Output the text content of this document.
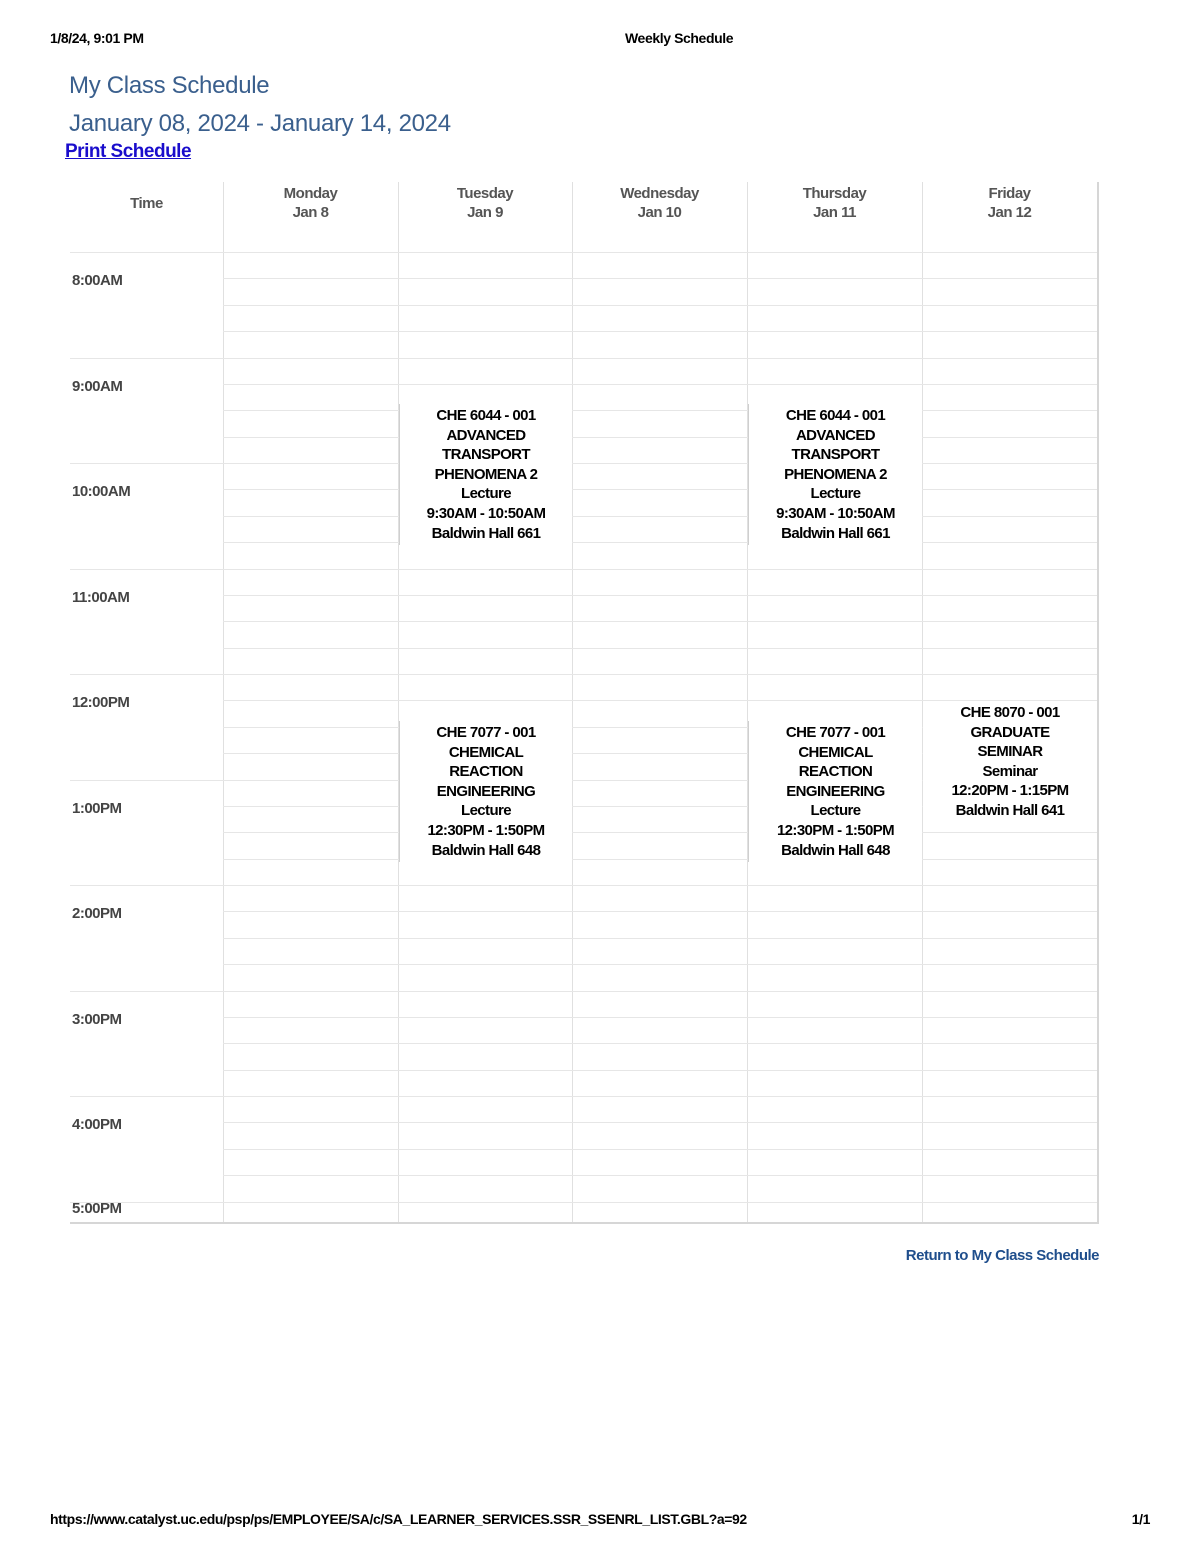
1/8/24, 9:01 PM	Weekly Schedule
My Class Schedule
January 08, 2024 - January 14, 2024
Print Schedule
Time
Monday
Jan 8
Tuesday
Jan 9
Wednesday
Jan 10
Thursday
Jan 11
Friday
Jan 12
8:00AM
9:00AM
10:00AM
11:00AM
12:00PM
1:00PM
2:00PM
3:00PM
4:00PM
5:00PM
CHE 6044 - 001
ADVANCED
TRANSPORT
PHENOMENA 2
Lecture
9:30AM - 10:50AM
Baldwin Hall 661
CHE 6044 - 001
ADVANCED
TRANSPORT
PHENOMENA 2
Lecture
9:30AM - 10:50AM
Baldwin Hall 661
CHE 7077 - 001
CHEMICAL
REACTION
ENGINEERING
Lecture
12:30PM - 1:50PM
Baldwin Hall 648
CHE 7077 - 001
CHEMICAL
REACTION
ENGINEERING
Lecture
12:30PM - 1:50PM
Baldwin Hall 648
CHE 8070 - 001
GRADUATE
SEMINAR
Seminar
12:20PM - 1:15PM
Baldwin Hall 641
Return to My Class Schedule
https://www.catalyst.uc.edu/psp/ps/EMPLOYEE/SA/c/SA_LEARNER_SERVICES.SSR_SSENRL_LIST.GBL?a=92	1/1
